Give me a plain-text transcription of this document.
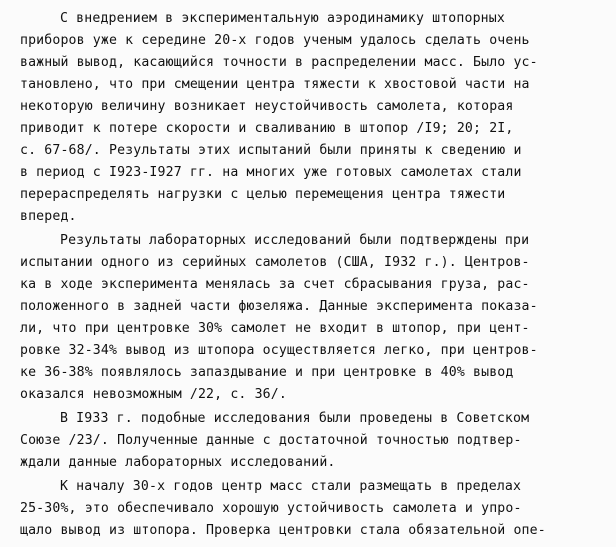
С внедрением в экспериментальную аэродинамику штопорных
приборов уже к середине 20-х годов ученым удалось сделать очень
важный вывод, касающийся точности в распределении масс. Было ус-
тановлено, что при смещении центра тяжести к хвостовой части на
некоторую величину возникает неустойчивость самолета, которая
приводит к потере скорости и сваливанию в штопор /I9; 20; 2I,
с. 67-68/. Результаты этих испытаний были приняты к сведению и
в период с I923-I927 гг. на многих уже готовых самолетах стали
перераспределять нагрузки с целью перемещения центра тяжести
вперед.
Результаты лабораторных исследований были подтверждены при
испытании одного из серийных самолетов (США, I932 г.). Центров-
ка в ходе эксперимента менялась за счет сбрасывания груза, рас-
положенного в задней части фюзеляжа. Данные эксперимента показа-
ли, что при центровке 30% самолет не входит в штопор, при цент-
ровке 32-34% вывод из штопора осуществляется легко, при центров-
ке 36-38% появлялось запаздывание и при центровке в 40% вывод
оказался невозможным /22, с. 36/.
В I933 г. подобные исследования были проведены в Советском
Союзе /23/. Полученные данные с достаточной точностью подтвер-
ждали данные лабораторных исследований.
К началу 30-х годов центр масс стали размещать в пределах
25-30%, это обеспечивало хорошую устойчивость самолета и упро-
щало вывод из штопора. Проверка центровки стала обязательной опе-
